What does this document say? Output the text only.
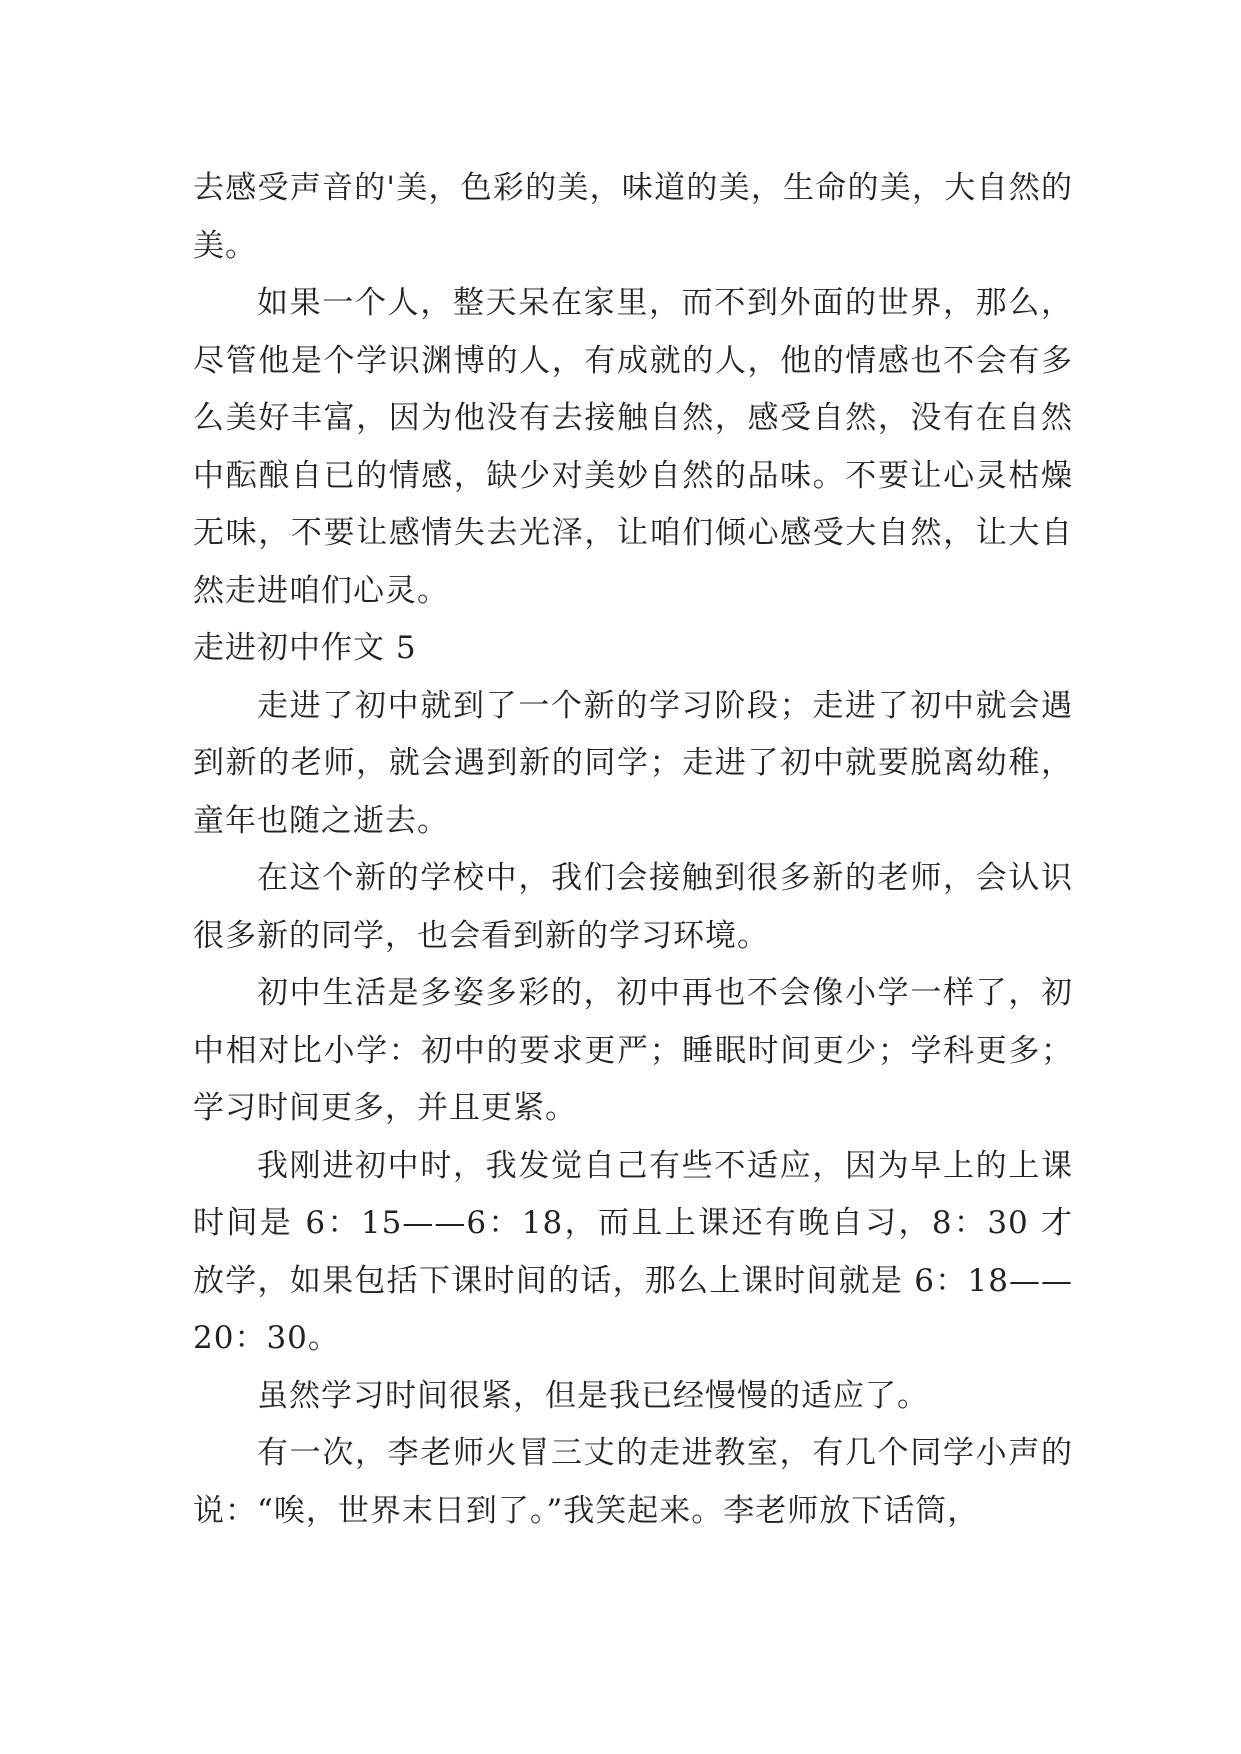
去感受声音的'美，色彩的美，味道的美，生命的美，大自然的美。

如果一个人，整天呆在家里，而不到外面的世界，那么，尽管他是个学识渊博的人，有成就的人，他的情感也不会有多么美好丰富，因为他没有去接触自然，感受自然，没有在自然中酝酿自已的情感，缺少对美妙自然的品味。不要让心灵枯燥无味，不要让感情失去光泽，让咱们倾心感受大自然，让大自然走进咱们心灵。

走进初中作文 5

走进了初中就到了一个新的学习阶段；走进了初中就会遇到新的老师，就会遇到新的同学；走进了初中就要脱离幼稚，童年也随之逝去。

在这个新的学校中，我们会接触到很多新的老师，会认识很多新的同学，也会看到新的学习环境。

初中生活是多姿多彩的，初中再也不会像小学一样了，初中相对比小学：初中的要求更严；睡眠时间更少；学科更多；学习时间更多，并且更紧。

我刚进初中时，我发觉自己有些不适应，因为早上的上课时间是 6：15——6：18，而且上课还有晚自习，8：30 才放学，如果包括下课时间的话，那么上课时间就是 6：18——20：30。

虽然学习时间很紧，但是我已经慢慢的适应了。

有一次，李老师火冒三丈的走进教室，有几个同学小声的说：“唉，世界末日到了。”我笑起来。李老师放下话筒，
